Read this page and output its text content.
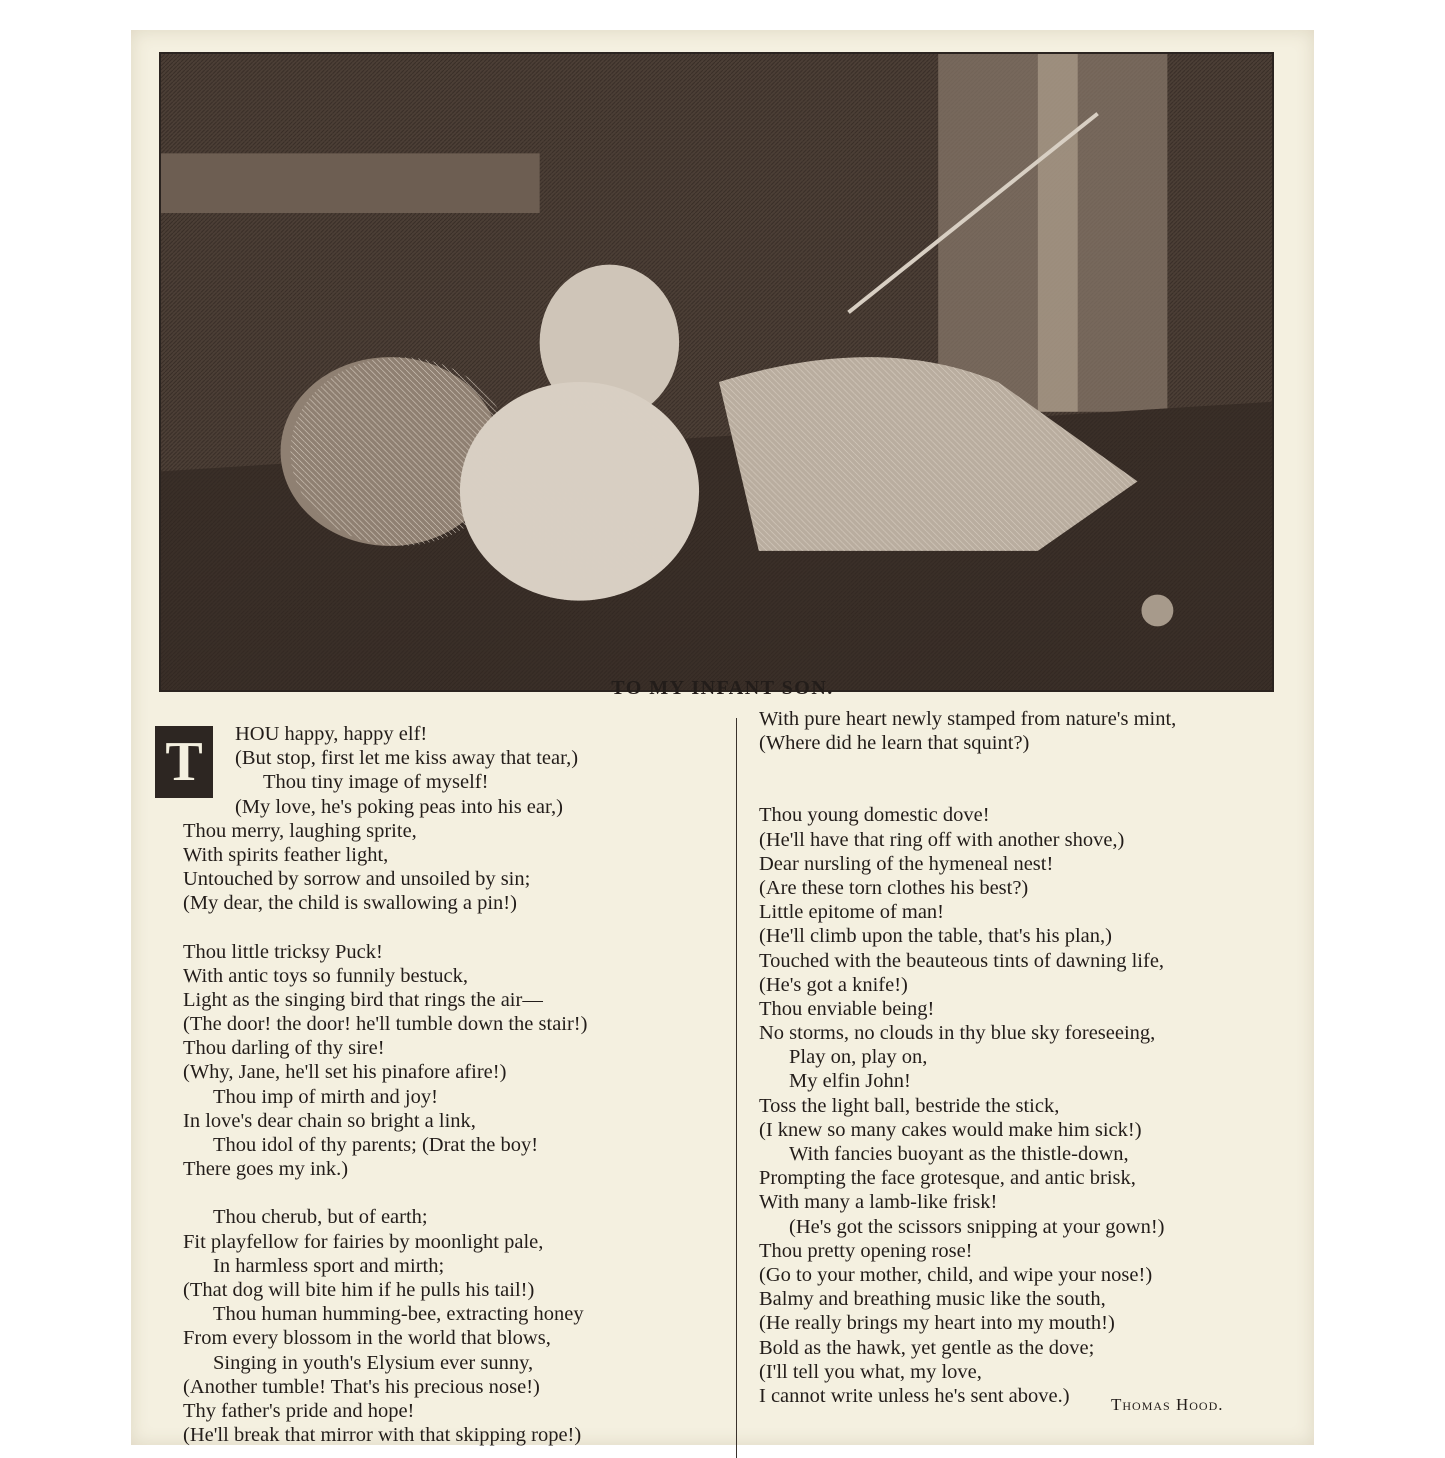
TO MY INFANT SON.
T	HOU happy, happy elf!
(But stop, first let me kiss away that tear,)
Thou tiny image of myself!
(My love, he's poking peas into his ear,)
Thou merry, laughing sprite,
With spirits feather light,
Untouched by sorrow and unsoiled by sin;
(My dear, the child is swallowing a pin!)
Thou little tricksy Puck!
With antic toys so funnily bestuck,
Light as the singing bird that rings the air—
(The door! the door! he'll tumble down the stair!)
Thou darling of thy sire!
(Why, Jane, he'll set his pinafore afire!)
Thou imp of mirth and joy!
In love's dear chain so bright a link,
Thou idol of thy parents; (Drat the boy!
There goes my ink.)
Thou cherub, but of earth;
Fit playfellow for fairies by moonlight pale,
In harmless sport and mirth;
(That dog will bite him if he pulls his tail!)
Thou human humming-bee, extracting honey
From every blossom in the world that blows,
Singing in youth's Elysium ever sunny,
(Another tumble! That's his precious nose!)
Thy father's pride and hope!
(He'll break that mirror with that skipping rope!)
With pure heart newly stamped from nature's mint,
(Where did he learn that squint?)
Thou young domestic dove!
(He'll have that ring off with another shove,)
Dear nursling of the hymeneal nest!
(Are these torn clothes his best?)
Little epitome of man!
(He'll climb upon the table, that's his plan,)
Touched with the beauteous tints of dawning life,
(He's got a knife!)
Thou enviable being!
No storms, no clouds in thy blue sky foreseeing,
Play on, play on,
My elfin John!
Toss the light ball, bestride the stick,
(I knew so many cakes would make him sick!)
With fancies buoyant as the thistle-down,
Prompting the face grotesque, and antic brisk,
With many a lamb-like frisk!
(He's got the scissors snipping at your gown!)
Thou pretty opening rose!
(Go to your mother, child, and wipe your nose!)
Balmy and breathing music like the south,
(He really brings my heart into my mouth!)
Bold as the hawk, yet gentle as the dove;
(I'll tell you what, my love,
I cannot write unless he's sent above.)	Thomas Hood.
